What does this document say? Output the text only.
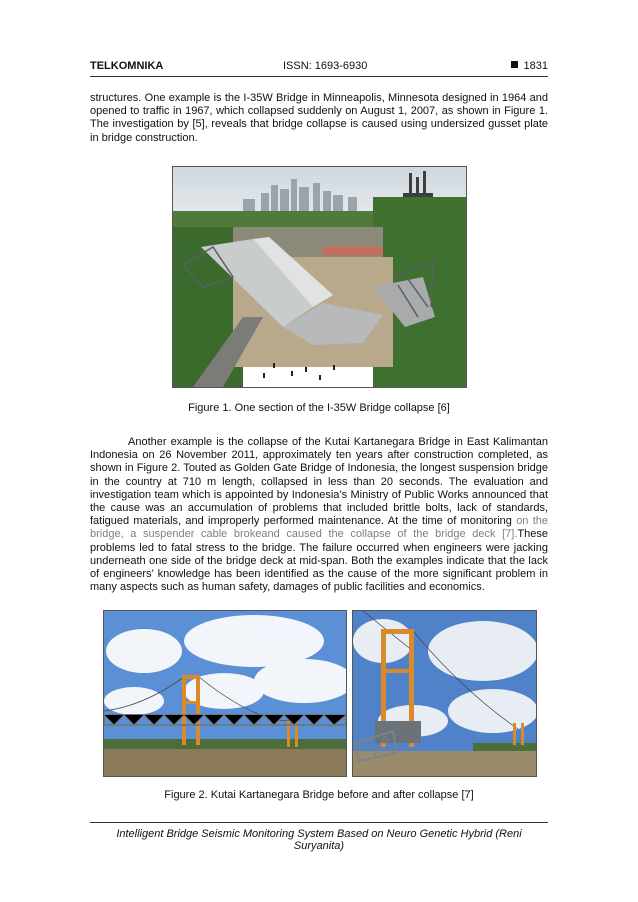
TELKOMNIKA	ISSN: 1693-6930	1831

structures. One example is the I-35W Bridge in Minneapolis, Minnesota designed in 1964 and opened to traffic in 1967, which collapsed suddenly on August 1, 2007, as shown in Figure 1. The investigation by [5], reveals that bridge collapse is caused using undersized gusset plate in bridge construction.

Figure 1. One section of the I-35W Bridge collapse [6]

Another example is the collapse of the Kutai Kartanegara Bridge in East Kalimantan Indonesia on 26 November 2011, approximately ten years after construction completed, as shown in Figure 2. Touted as Golden Gate Bridge of Indonesia, the longest suspension bridge in the country at 710 m length, collapsed in less than 20 seconds. The evaluation and investigation team which is appointed by Indonesia’s Ministry of Public Works announced that the cause was an accumulation of problems that included brittle bolts, lack of standards, fatigued materials, and improperly performed maintenance. At the time of monitoring on the bridge, a suspender cable brokeand caused the collapse of the bridge deck [7].These problems led to fatal stress to the bridge. The failure occurred when engineers were jacking underneath one side of the bridge deck at mid-span. Both the examples indicate that the lack of engineers’ knowledge has been identified as the cause of the more significant problem in many aspects such as human safety, damages of public facilities and economics.

Figure 2. Kutai Kartanegara Bridge before and after collapse [7]

Intelligent Bridge Seismic Monitoring System Based on Neuro Genetic Hybrid (Reni Suryanita)
